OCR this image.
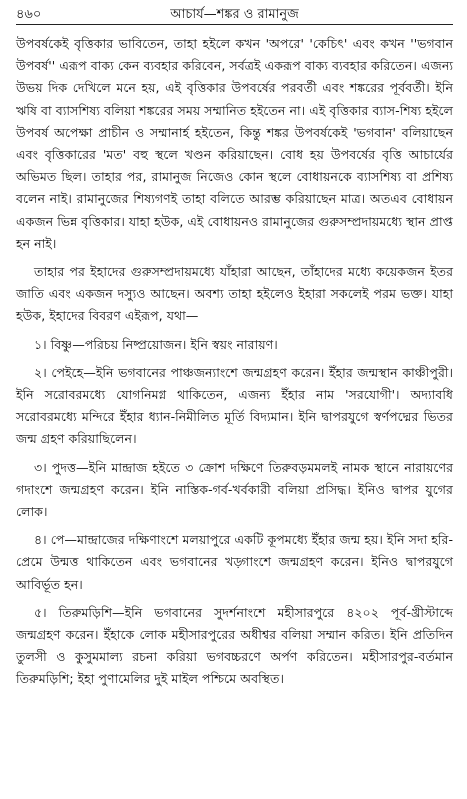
৪৬০	আচার্য—শঙ্কর ও রামানুজ

উপবর্ষকেই বৃত্তিকার ভাবিতেন, তাহা হইলে কখন 'অপরে' 'কেচিৎ' এবং কখন ''ভগবান উপবর্ষ'' এরূপ বাক্য কেন ব্যবহার করিবেন, সর্বত্রই একরূপ বাক্য ব্যবহার করিতেন। এজন্য উভয় দিক দেখিলে মনে হয়, এই বৃত্তিকার উপবর্ষের পরবর্তী এবং শঙ্করের পূর্ববর্তী। ইনি ঋষি বা ব্যাসশিষ্য বলিয়া শঙ্করের সময় সম্মানিত হইতেন না। এই বৃত্তিকার ব্যাস-শিষ্য হইলে উপবর্ষ অপেক্ষা প্রাচীন ও সম্মানার্হ হইতেন, কিন্তু শঙ্কর উপবর্ষকেই 'ভগবান' বলিয়াছেন এবং বৃত্তিকারের 'মত' বহু স্থলে খণ্ডন করিয়াছেন। বোধ হয় উপবর্ষের বৃত্তি আচার্যের অভিমত ছিল। তাহার পর, রামানুজ নিজেও কোন স্থলে বোধায়নকে ব্যাসশিষ্য বা প্রশিষ্য বলেন নাই। রামানুজের শিষ্যগণই তাহা বলিতে আরম্ভ করিয়াছেন মাত্র। অতএব বোধায়ন একজন ভিন্ন বৃত্তিকার। যাহা হউক, এই বোধায়নও রামানুজের গুরুসম্প্রদায়মধ্যে স্থান প্রাপ্ত হন নাই।

তাহার পর ইহাদের গুরুসম্প্রদায়মধ্যে যাঁহারা আছেন, তাঁহাদের মধ্যে কয়েকজন ইতর জাতি এবং একজন দস্যুও আছেন। অবশ্য তাহা হইলেও ইহারা সকলেই পরম ভক্ত। যাহা হউক, ইহাদের বিবরণ এইরূপ, যথা—

১। বিষ্ণু—পরিচয় নিষ্প্রয়োজন। ইনি স্বয়ং নারায়ণ।

২। পেইহে—ইনি ভগবানের পাঞ্চজন্যাংশে জন্মগ্রহণ করেন। ইঁহার জন্মস্থান কাঞ্চীপুরী। ইনি সরোবরমধ্যে যোগনিমগ্ন থাকিতেন, এজন্য ইঁহার নাম 'সরযোগী'। অদ্যাবধি সরোবরমধ্যে মন্দিরে ইঁহার ধ্যান-নিমীলিত মূর্তি বিদ্যমান। ইনি দ্বাপরযুগে স্বর্ণপদ্মের ভিতর জন্ম গ্রহণ করিয়াছিলেন।

৩। পুদত্ত—ইনি মান্দ্রাজ হইতে ৩ ক্রোশ দক্ষিণে তিরুবড়মমলই নামক স্থানে নারায়ণের গদাংশে জন্মগ্রহণ করেন। ইনি নাস্তিক-গর্ব-খর্বকারী বলিয়া প্রসিদ্ধ। ইনিও দ্বাপর যুগের লোক।

৪। পে—মান্দ্রাজের দক্ষিণাংশে মলয়াপুরে একটি কূপমধ্যে ইঁহার জন্ম হয়। ইনি সদা হরি-প্রেমে উন্মত্ত থাকিতেন এবং ভগবানের খড়্গাংশে জন্মগ্রহণ করেন। ইনিও দ্বাপরযুগে আবির্ভূত হন।

৫। তিরুমড়িশি—ইনি ভগবানের সুদর্শনাংশে মহীসারপুরে ৪২০২ পূর্ব-খ্রীস্টাব্দে জন্মগ্রহণ করেন। ইঁহাকে লোক মহীসারপুরের অধীশ্বর বলিয়া সম্মান করিত। ইনি প্রতিদিন তুলসী ও কুসুমমাল্য রচনা করিয়া ভগবচ্চরণে অর্পণ করিতেন। মহীসারপুর-বর্তমান তিরুমড়িশি; ইহা পুণামেলির দুই মাইল পশ্চিমে অবস্থিত।
